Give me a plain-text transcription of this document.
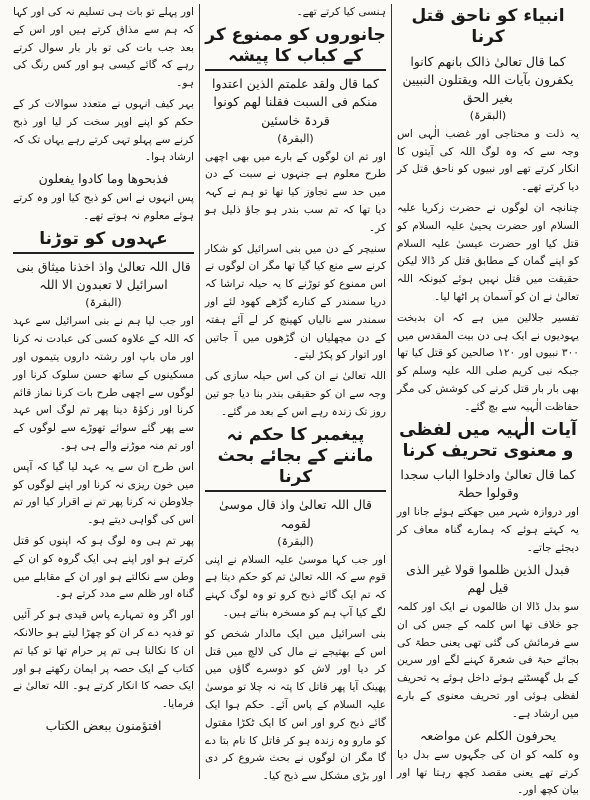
انبیاء کو ناحق قتل کرنا
کما قال تعالیٰ ذالک بانھم کانوا یکفرون بآیات اللہ ویقتلون النبیین بغیر الحق
(البقرۃ)
یہ ذلت و محتاجی اور غضب الٰہی اس وجہ سے کہ وہ لوگ اللہ کی آیتوں کا انکار کرتے تھے اور نبیوں کو ناحق قتل کر دیا کرتے تھے۔
چنانچہ ان لوگوں نے حضرت زکریا علیہ السلام اور حضرت یحییٰ علیہ السلام کو قتل کیا اور حضرت عیسیٰ علیہ السلام کو اپنے گمان کے مطابق قتل کر ڈالا لیکن حقیقت میں قتل نہیں ہوئے کیونکہ اللہ تعالیٰ نے ان کو آسمان پر اٹھا لیا۔
تفسیر جلالین میں ہے کہ ان بدبخت یہودیوں نے ایک ہی دن بیت المقدس میں ۳۰۰ نبیوں اور ۱۲۰ صالحین کو قتل کیا تھا جبکہ نبی کریم صلی اللہ علیہ وسلم کو بھی بار بار قتل کرنے کی کوشش کی مگر حفاظت الٰہیہ سے بچ گئے۔
آیات الٰہیہ میں لفظی و معنوی تحریف کرنا
کما قال تعالیٰ وادخلوا الباب سجدا وقولوا حطۃ
اور دروازہ شہر میں جھکتے ہوئے جانا اور یہ کہتے ہوئے کہ ہمارے گناہ معاف کر دیجئے جاتے۔
فبدل الذین ظلموا قولا غیر الذی قیل لھم
سو بدل ڈالا ان ظالموں نے ایک اور کلمہ جو خلاف تھا اس کلمہ کے جس کی ان سے فرمائش کی گئی تھی یعنی حطۃ کی بجائے حبۃ فی شعرۃ کہنے لگے اور سرین کے بل گھسٹتے ہوئے داخل ہوئے یہ تحریف لفظی ہوئی اور تحریف معنوی کے بارے میں ارشاد ہے۔
یحرفون الکلم عن مواضعہ
وہ کلمہ کو ان کی جگہوں سے بدل دیا کرتے تھے یعنی مقصد کچھ رہتا تھا اور بیان کچھ اور۔
ہنسی کیا کرتے تھے۔
جانوروں کو ممنوع کر کے کباب کا پیشہ
کما قال ولقد علمتم الذین اعتدوا منکم فی السبت فقلنا لھم کونوا قردۃ خاسئین
(البقرۃ)
اور تم ان لوگوں کے بارے میں بھی اچھی طرح معلوم ہے جنہوں نے سبت کے دن میں حد سے تجاوز کیا تھا تو ہم نے کہہ دیا تھا کہ تم سب بندر ہو جاؤ ذلیل ہو کر۔
سنیچر کے دن میں بنی اسرائیل کو شکار کرنے سے منع کیا گیا تھا مگر ان لوگوں نے اس ممنوع کو توڑنے کا یہ حیلہ تراشا کہ دریا سمندر کے کنارے گڑھے کھود لئے اور سمندر سے نالیاں کھینچ کر لے آئے ہفتہ کے دن مچھلیاں ان گڑھوں میں آ جاتیں اور اتوار کو پکڑ لیتے۔
اللہ تعالیٰ نے ان کی اس حیلہ سازی کی وجہ سے ان کو حقیقی بندر بنا دیا جو تین روز تک زندہ رہے اس کے بعد مر گئے۔
پیغمبر کا حکم نہ ماننے کے بجائے بحث کرنا
قال اللہ تعالیٰ واذ قال موسیٰ لقومہ
(البقرۃ)
اور جب کہا موسیٰ علیہ السلام نے اپنی قوم سے کہ اللہ تعالیٰ تم کو حکم دیتا ہے کہ تم ایک گائے ذبح کرو تو وہ لوگ کہنے لگے کیا آپ ہم کو مسخرہ بناتے ہیں۔
بنی اسرائیل میں ایک مالدار شخص کو اس کے بھتیجے نے مال کی لالچ میں قتل کر دیا اور لاش کو دوسرے گاؤں میں پھینک آیا پھر قاتل کا پتہ نہ چلا تو موسیٰ علیہ السلام کے پاس آئے۔ حکم ہوا ایک گائے ذبح کرو اور اس کا ایک ٹکڑا مقتول کو مارو وہ زندہ ہو کر قاتل کا نام بتا دے گا مگر ان لوگوں نے بحث شروع کر دی اور بڑی مشکل سے ذبح کیا۔
اور پہلے تو بات ہی تسلیم نہ کی اور کہا کہ ہم سے مذاق کرتے ہیں اور اس کے بعد جب بات کی تو بار بار سوال کرتے رہے کہ گائے کیسی ہو اور کس رنگ کی ہو۔
بہر کیف انہوں نے متعدد سوالات کر کے حکم کو اپنے اوپر سخت کر لیا اور ذبح کرنے سے پہلو تہی کرتے رہے یہاں تک کہ ارشاد ہوا۔
فذبحوھا وما کادوا یفعلون
پس انہوں نے اس کو ذبح کیا اور وہ کرتے ہوئے معلوم نہ ہوتے تھے۔
عہدوں کو توڑنا
قال اللہ تعالیٰ واذ اخذنا میثاق بنی اسرائیل لا تعبدون الا اللہ
(البقرۃ)
اور جب لیا ہم نے بنی اسرائیل سے عہد کہ اللہ کے علاوہ کسی کی عبادت نہ کرنا اور ماں باپ اور رشتہ داروں یتیموں اور مسکینوں کے ساتھ حسن سلوک کرنا اور لوگوں سے اچھی طرح بات کرنا نماز قائم کرنا اور زکوٰۃ دینا پھر تم لوگ اس عہد سے پھر گئے سوائے تھوڑے سے لوگوں کے اور تم منہ موڑنے والے ہی ہو۔
اس طرح ان سے یہ عہد لیا گیا کہ آپس میں خون ریزی نہ کرنا اور اپنے لوگوں کو جلاوطن نہ کرنا پھر تم نے اقرار کیا اور تم اس کی گواہی دیتے ہو۔
پھر تم ہی وہ لوگ ہو کہ اپنوں کو قتل کرتے ہو اور اپنے ہی ایک گروہ کو ان کے وطن سے نکالتے ہو اور ان کے مقابلے میں گناہ اور ظلم سے مدد کرتے ہو۔
اور اگر وہ تمہارے پاس قیدی ہو کر آئیں تو فدیہ دے کر ان کو چھڑا لیتے ہو حالانکہ ان کا نکالنا ہی تم پر حرام تھا تو کیا تم کتاب کے ایک حصہ پر ایمان رکھتے ہو اور ایک حصہ کا انکار کرتے ہو۔ اللہ تعالیٰ نے فرمایا۔
افتؤمنون ببعض الکتاب
